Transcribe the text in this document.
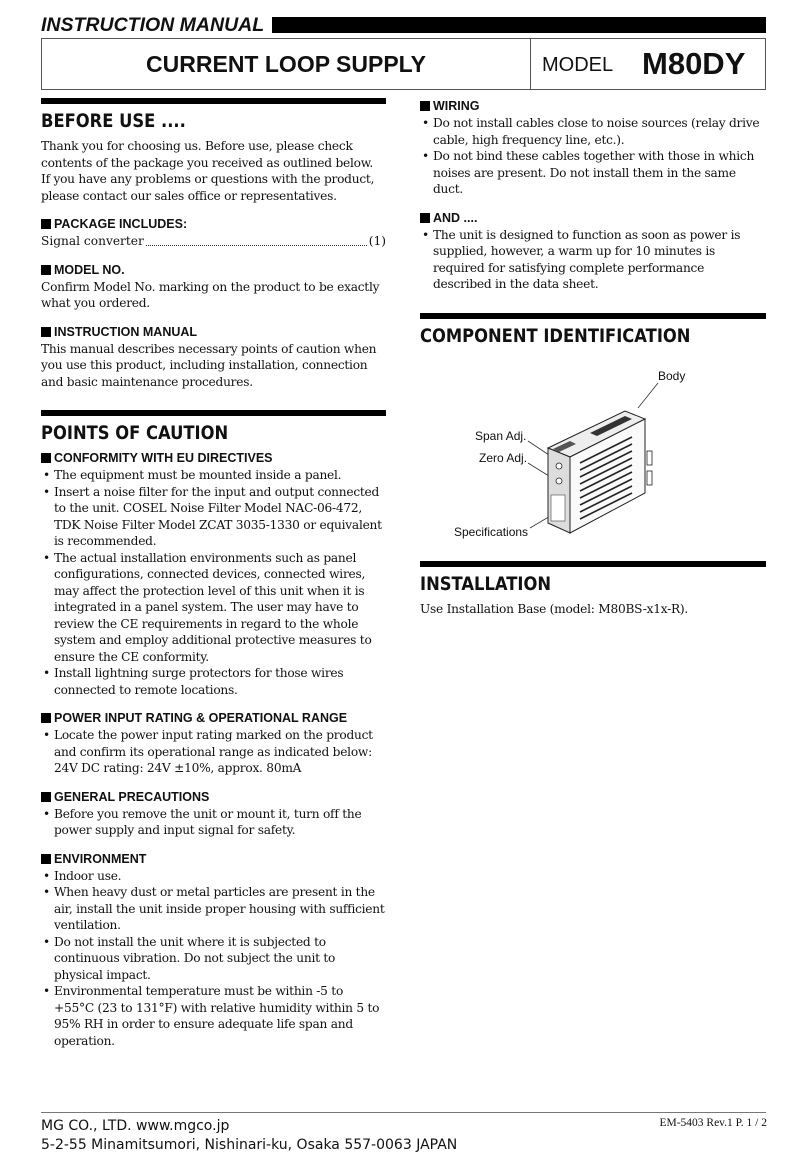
INSTRUCTION MANUAL
CURRENT LOOP SUPPLY	MODEL M80DY
BEFORE USE ....

Thank you for choosing us. Before use, please check contents of the package you received as outlined below.

If you have any problems or questions with the product, please contact our sales office or representatives.

PACKAGE INCLUDES:
Signal converter	(1)
MODEL NO.

Confirm Model No. marking on the product to be exactly what you ordered.

INSTRUCTION MANUAL

This manual describes necessary points of caution when you use this product, including installation, connection and basic maintenance procedures.

POINTS OF CAUTION
CONFORMITY WITH EU DIRECTIVES
• The equipment must be mounted inside a panel.
• Insert a noise filter for the input and output connected to the unit. COSEL Noise Filter Model NAC-06-472, TDK Noise Filter Model ZCAT 3035-1330 or equivalent is recommended.
• The actual installation environments such as panel configurations, connected devices, connected wires, may affect the protection level of this unit when it is integrated in a panel system. The user may have to review the CE requirements in regard to the whole system and employ additional protective measures to ensure the CE conformity.
• Install lightning surge protectors for those wires connected to remote locations.
POWER INPUT RATING & OPERATIONAL RANGE
• Locate the power input rating marked on the product and confirm its operational range as indicated below:

24V DC rating: 24V ±10%, approx. 80mA

GENERAL PRECAUTIONS
• Before you remove the unit or mount it, turn off the power supply and input signal for safety.
ENVIRONMENT
• Indoor use.
• When heavy dust or metal particles are present in the air, install the unit inside proper housing with sufficient ventilation.
• Do not install the unit where it is subjected to continuous vibration. Do not subject the unit to physical impact.
• Environmental temperature must be within -5 to +55°C (23 to 131°F) with relative humidity within 5 to 95% RH in order to ensure adequate life span and operation.
WIRING
• Do not install cables close to noise sources (relay drive cable, high frequency line, etc.).
• Do not bind these cables together with those in which noises are present. Do not install them in the same duct.
AND ....
• The unit is designed to function as soon as power is supplied, however, a warm up for 10 minutes is required for satisfying complete performance described in the data sheet.
COMPONENT IDENTIFICATION
Body
Span Adj.
Zero Adj.
Specifications
INSTALLATION

Use Installation Base (model: M80BS-x1x-R).

MG CO., LTD. www.mgco.jp
5-2-55 Minamitsumori, Nishinari-ku, Osaka 557-0063 JAPAN
EM-5403 Rev.1 P. 1 / 2
